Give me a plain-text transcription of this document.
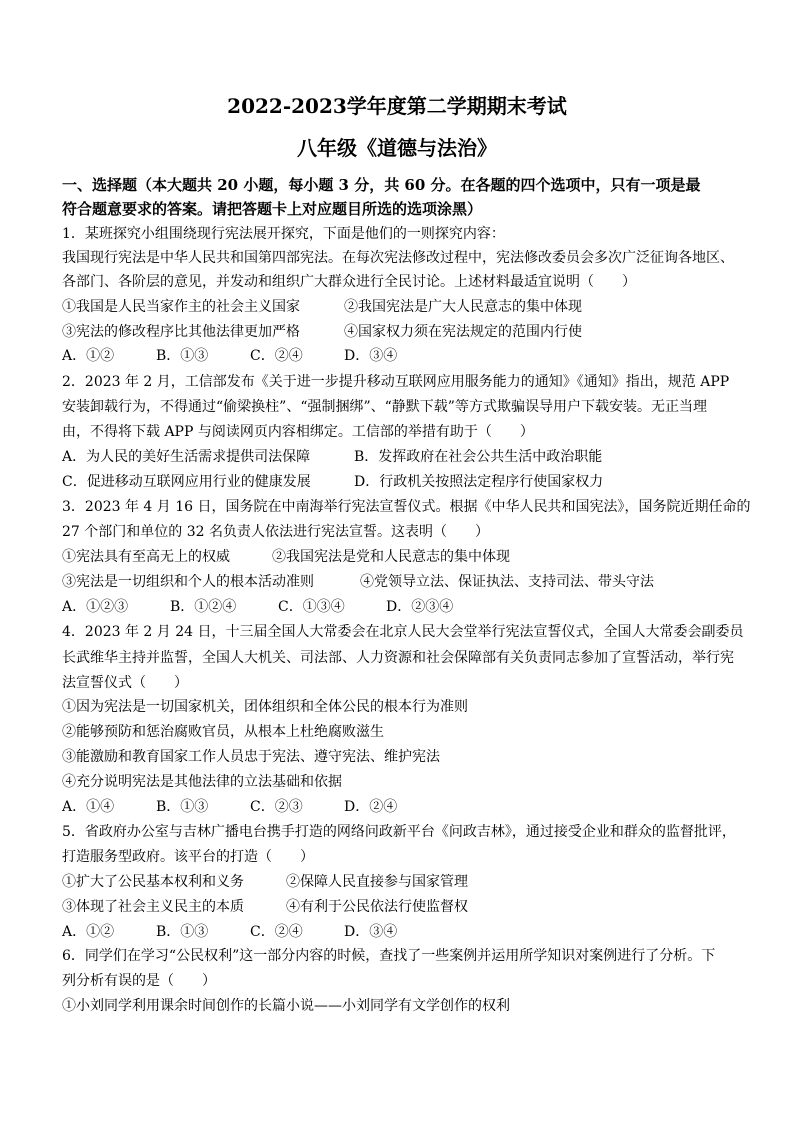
2022-2023学年度第二学期期末考试
八年级《道德与法治》
一、选择题（本大题共 20 小题，每小题 3 分，共 60 分。在各题的四个选项中，只有一项是最
符合题意要求的答案。请把答题卡上对应题目所选的选项涂黑）
1．某班探究小组围绕现行宪法展开探究，下面是他们的一则探究内容：
我国现行宪法是中华人民共和国第四部宪法。在每次宪法修改过程中，宪法修改委员会多次广泛征询各地区、
各部门、各阶层的意见，并发动和组织广大群众进行全民讨论。上述材料最适宜说明（　　）
①我国是人民当家作主的社会主义国家	②我国宪法是广大人民意志的集中体现
③宪法的修改程序比其他法律更加严格	④国家权力须在宪法规定的范围内行使
A．①②	B．①③	C．②④	D．③④
2．2023 年 2 月，工信部发布《关于进一步提升移动互联网应用服务能力的通知》《通知》指出，规范 APP
安装卸载行为，不得通过“偷梁换柱”、“强制捆绑”、“静默下载”等方式欺骗误导用户下载安装。无正当理
由，不得将下载 APP 与阅读网页内容相绑定。工信部的举措有助于（　　）
A．为人民的美好生活需求提供司法保障	B．发挥政府在社会公共生活中政治职能
C．促进移动互联网应用行业的健康发展	D．行政机关按照法定程序行使国家权力
3．2023 年 4 月 16 日，国务院在中南海举行宪法宣誓仪式。根据《中华人民共和国宪法》，国务院近期任命的
27 个部门和单位的 32 名负责人依法进行宪法宣誓。这表明（　　）
①宪法具有至高无上的权威	②我国宪法是党和人民意志的集中体现
③宪法是一切组织和个人的根本活动准则	④党领导立法、保证执法、支持司法、带头守法
A．①②③	B．①②④	C．①③④	D．②③④
4．2023 年 2 月 24 日，十三届全国人大常委会在北京人民大会堂举行宪法宣誓仪式，全国人大常委会副委员
长武维华主持并监誓，全国人大机关、司法部、人力资源和社会保障部有关负责同志参加了宣誓活动，举行宪
法宣誓仪式（　　）
①因为宪法是一切国家机关，团体组织和全体公民的根本行为准则
②能够预防和惩治腐败官员，从根本上杜绝腐败滋生
③能激励和教育国家工作人员忠于宪法、遵守宪法、维护宪法
④充分说明宪法是其他法律的立法基础和依据
A．①④	B．①③	C．②③	D．②④
5．省政府办公室与吉林广播电台携手打造的网络问政新平台《问政吉林》，通过接受企业和群众的监督批评，
打造服务型政府。该平台的打造（　　）
①扩大了公民基本权利和义务	②保障人民直接参与国家管理
③体现了社会主义民主的本质	④有利于公民依法行使监督权
A．①②	B．①③	C．②④	D．③④
6．同学们在学习“公民权利”这一部分内容的时候，查找了一些案例并运用所学知识对案例进行了分析。下
列分析有误的是（　　）
①小刘同学利用课余时间创作的长篇小说——小刘同学有文学创作的权利
